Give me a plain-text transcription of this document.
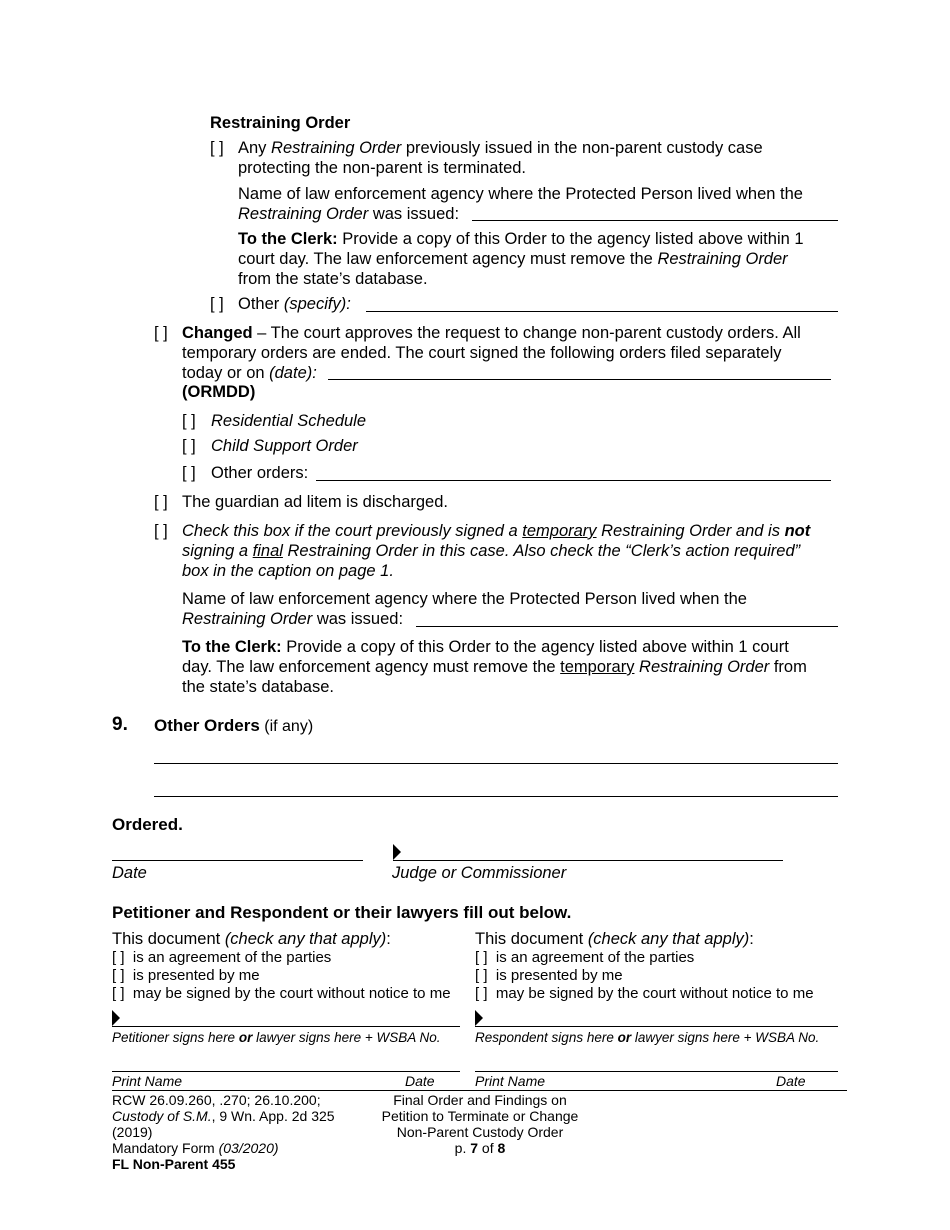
Restraining Order
[ ] Any Restraining Order previously issued in the non-parent custody case
protecting the non-parent is terminated.
Name of law enforcement agency where the Protected Person lived when the
Restraining Order was issued:
To the Clerk: Provide a copy of this Order to the agency listed above within 1
court day. The law enforcement agency must remove the Restraining Order
from the state’s database.
[ ] Other (specify):
[ ] Changed – The court approves the request to change non-parent custody orders. All
temporary orders are ended. The court signed the following orders filed separately
today or on (date):
(ORMDD)
[ ] Residential Schedule
[ ] Child Support Order
[ ] Other orders:
[ ] The guardian ad litem is discharged.
[ ] Check this box if the court previously signed a temporary Restraining Order and is not
signing a final Restraining Order in this case. Also check the “Clerk’s action required”
box in the caption on page 1.
Name of law enforcement agency where the Protected Person lived when the
Restraining Order was issued:
To the Clerk: Provide a copy of this Order to the agency listed above within 1 court
day. The law enforcement agency must remove the temporary Restraining Order from
the state’s database.
9. Other Orders (if any)
Ordered.
Date	Judge or Commissioner
Petitioner and Respondent or their lawyers fill out below.
This document (check any that apply):
[ ] is an agreement of the parties
[ ] is presented by me
[ ] may be signed by the court without notice to me
Petitioner signs here or lawyer signs here + WSBA No.
Print Name	Date
This document (check any that apply):
[ ] is an agreement of the parties
[ ] is presented by me
[ ] may be signed by the court without notice to me
Respondent signs here or lawyer signs here + WSBA No.
Print Name	Date
RCW 26.09.260, .270; 26.10.200;
Custody of S.M., 9 Wn. App. 2d 325
(2019)
Mandatory Form (03/2020)
FL Non-Parent 455
Final Order and Findings on
Petition to Terminate or Change
Non-Parent Custody Order
p. 7 of 8
